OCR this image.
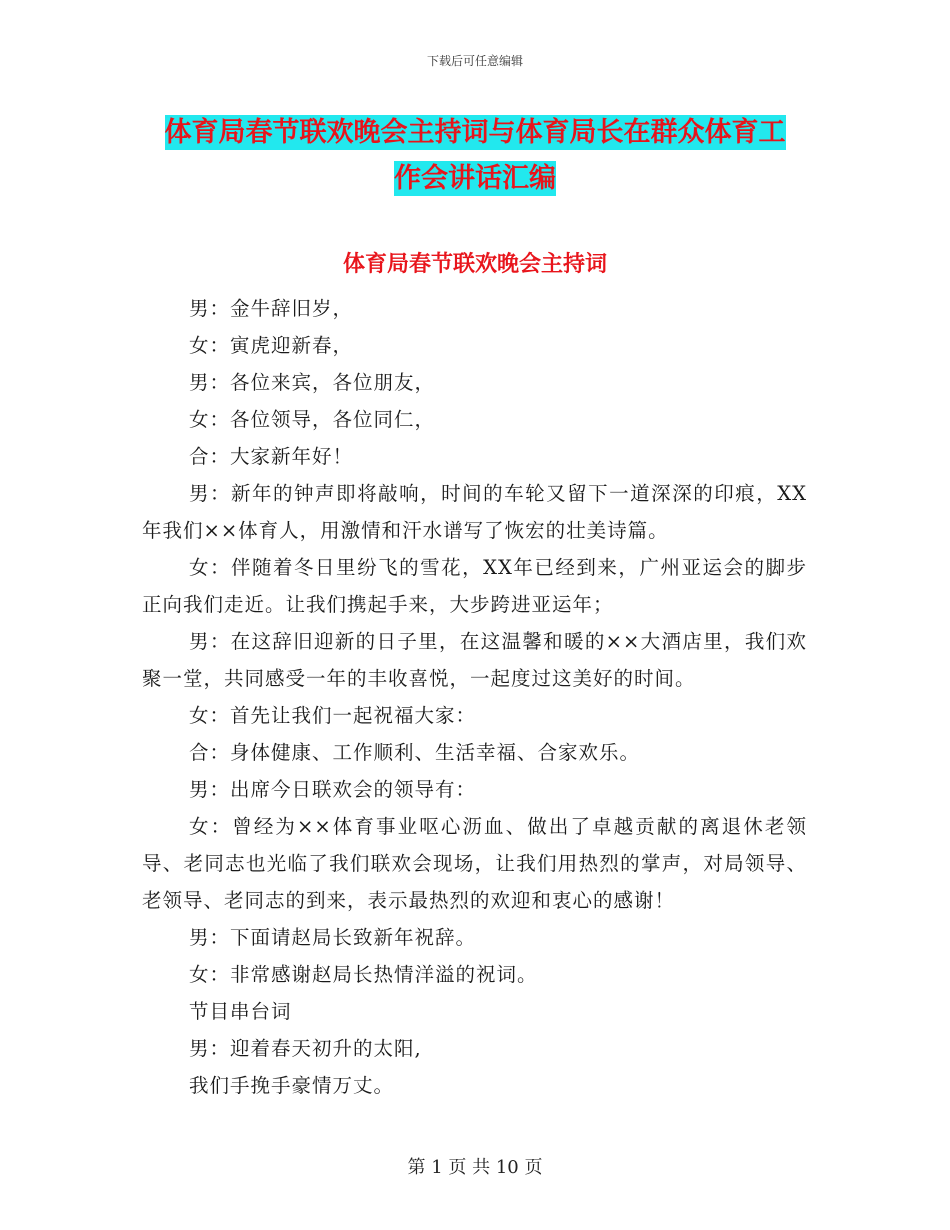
下载后可任意编辑
体育局春节联欢晚会主持词与体育局长在群众体育工
作会讲话汇编
体育局春节联欢晚会主持词

男：金牛辞旧岁，

女：寅虎迎新春，

男：各位来宾，各位朋友，

女：各位领导，各位同仁，

合：大家新年好！

男：新年的钟声即将敲响，时间的车轮又留下一道深深的印痕，XX年我们××体育人，用激情和汗水谱写了恢宏的壮美诗篇。

女：伴随着冬日里纷飞的雪花，XX年已经到来，广州亚运会的脚步正向我们走近。让我们携起手来，大步跨进亚运年；

男：在这辞旧迎新的日子里，在这温馨和暖的××大酒店里，我们欢聚一堂，共同感受一年的丰收喜悦，一起度过这美好的时间。

女：首先让我们一起祝福大家：

合：身体健康、工作顺利、生活幸福、合家欢乐。

男：出席今日联欢会的领导有：

女：曾经为××体育事业呕心沥血、做出了卓越贡献的离退休老领导、老同志也光临了我们联欢会现场，让我们用热烈的掌声，对局领导、老领导、老同志的到来，表示最热烈的欢迎和衷心的感谢！

男：下面请赵局长致新年祝辞。

女：非常感谢赵局长热情洋溢的祝词。

节目串台词

男：迎着春天初升的太阳,

我们手挽手豪情万丈。

第 1 页 共 10 页
